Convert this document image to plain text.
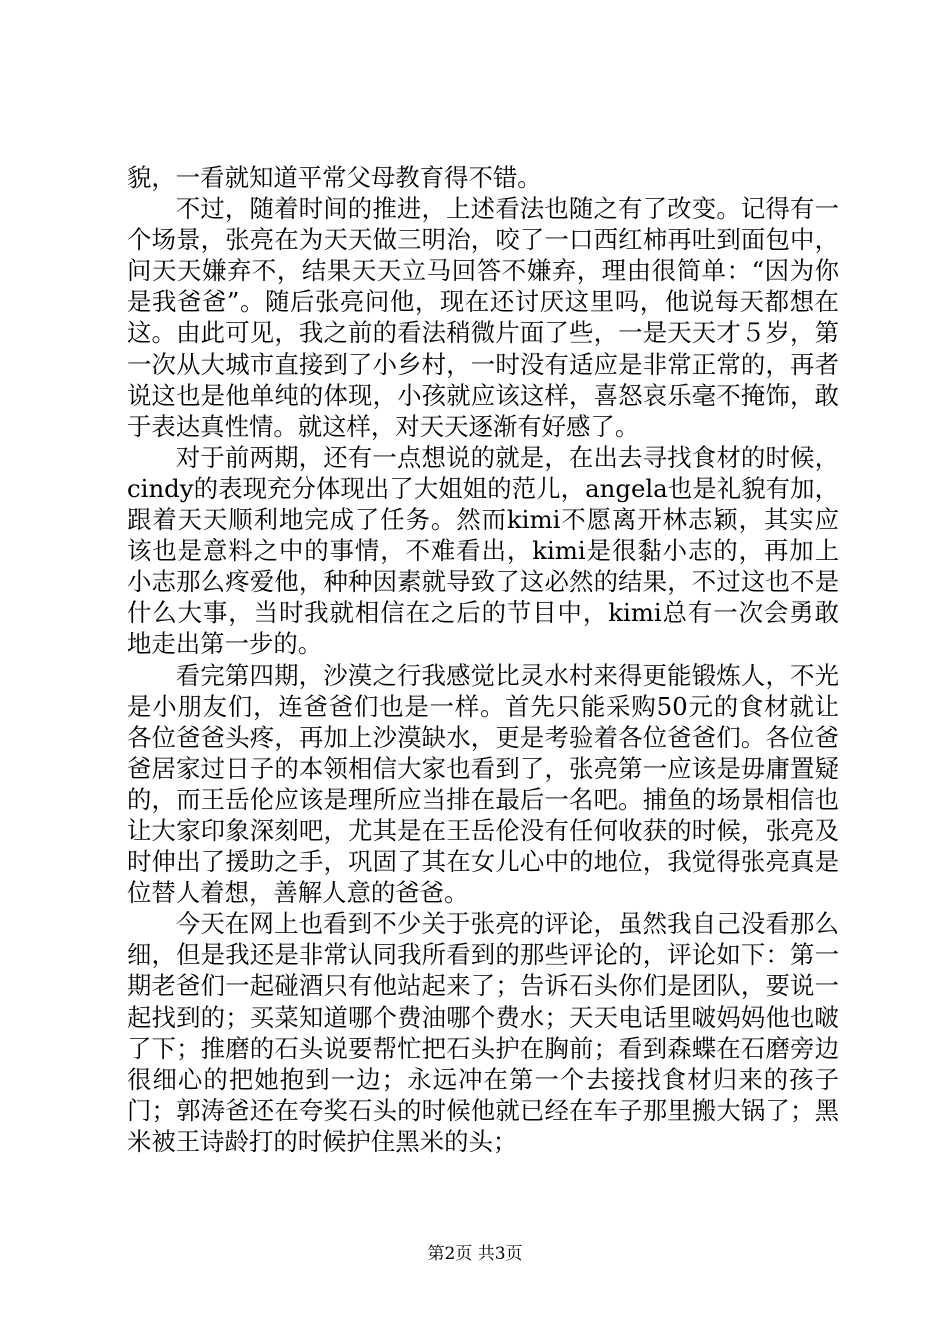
貌，一看就知道平常父母教育得不错。

不过，随着时间的推进，上述看法也随之有了改变。记得有一个场景，张亮在为天天做三明治，咬了一口西红柿再吐到面包中，问天天嫌弃不，结果天天立马回答不嫌弃，理由很简单：“因为你是我爸爸”。随后张亮问他，现在还讨厌这里吗，他说每天都想在这。由此可见，我之前的看法稍微片面了些，一是天天才５岁，第一次从大城市直接到了小乡村，一时没有适应是非常正常的，再者说这也是他单纯的体现，小孩就应该这样，喜怒哀乐毫不掩饰，敢于表达真性情。就这样，对天天逐渐有好感了。

对于前两期，还有一点想说的就是，在出去寻找食材的时候，cindy的表现充分体现出了大姐姐的范儿，angela也是礼貌有加，跟着天天顺利地完成了任务。然而kimi不愿离开林志颖，其实应该也是意料之中的事情，不难看出，kimi是很黏小志的，再加上小志那么疼爱他，种种因素就导致了这必然的结果，不过这也不是什么大事，当时我就相信在之后的节目中，kimi总有一次会勇敢地走出第一步的。

看完第四期，沙漠之行我感觉比灵水村来得更能锻炼人，不光是小朋友们，连爸爸们也是一样。首先只能采购50元的食材就让各位爸爸头疼，再加上沙漠缺水，更是考验着各位爸爸们。各位爸爸居家过日子的本领相信大家也看到了，张亮第一应该是毋庸置疑的，而王岳伦应该是理所应当排在最后一名吧。捕鱼的场景相信也让大家印象深刻吧，尤其是在王岳伦没有任何收获的时候，张亮及时伸出了援助之手，巩固了其在女儿心中的地位，我觉得张亮真是位替人着想，善解人意的爸爸。

今天在网上也看到不少关于张亮的评论，虽然我自己没看那么细，但是我还是非常认同我所看到的那些评论的，评论如下：第一期老爸们一起碰酒只有他站起来了；告诉石头你们是团队，要说一起找到的；买菜知道哪个费油哪个费水；天天电话里啵妈妈他也啵了下；推磨的石头说要帮忙把石头护在胸前；看到森蝶在石磨旁边很细心的把她抱到一边；永远冲在第一个去接找食材归来的孩子门；郭涛爸还在夸奖石头的时候他就已经在车子那里搬大锅了；黑米被王诗龄打的时候护住黑米的头；

第2页 共3页
